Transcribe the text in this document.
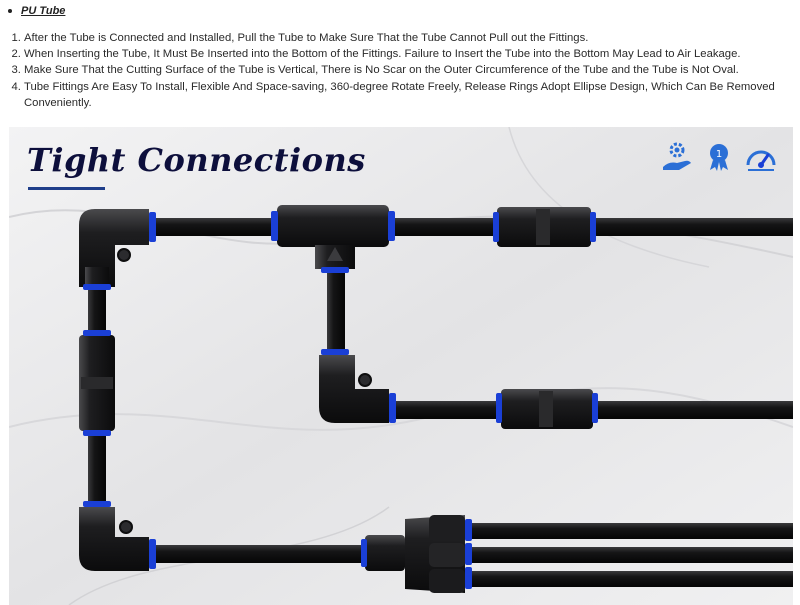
PU Tube
1. After the Tube is Connected and Installed, Pull the Tube to Make Sure That the Tube Cannot Pull out the Fittings.
2. When Inserting the Tube, It Must Be Inserted into the Bottom of the Fittings. Failure to Insert the Tube into the Bottom May Lead to Air Leakage.
3. Make Sure That the Cutting Surface of the Tube is Vertical, There is No Scar on the Outer Circumference of the Tube and the Tube is Not Oval.
4. Tube Fittings Are Easy To Install, Flexible And Space-saving, 360-degree Rotate Freely, Release Rings Adopt Ellipse Design, Which Can Be Removed Conveniently.
Tight Connections	1
